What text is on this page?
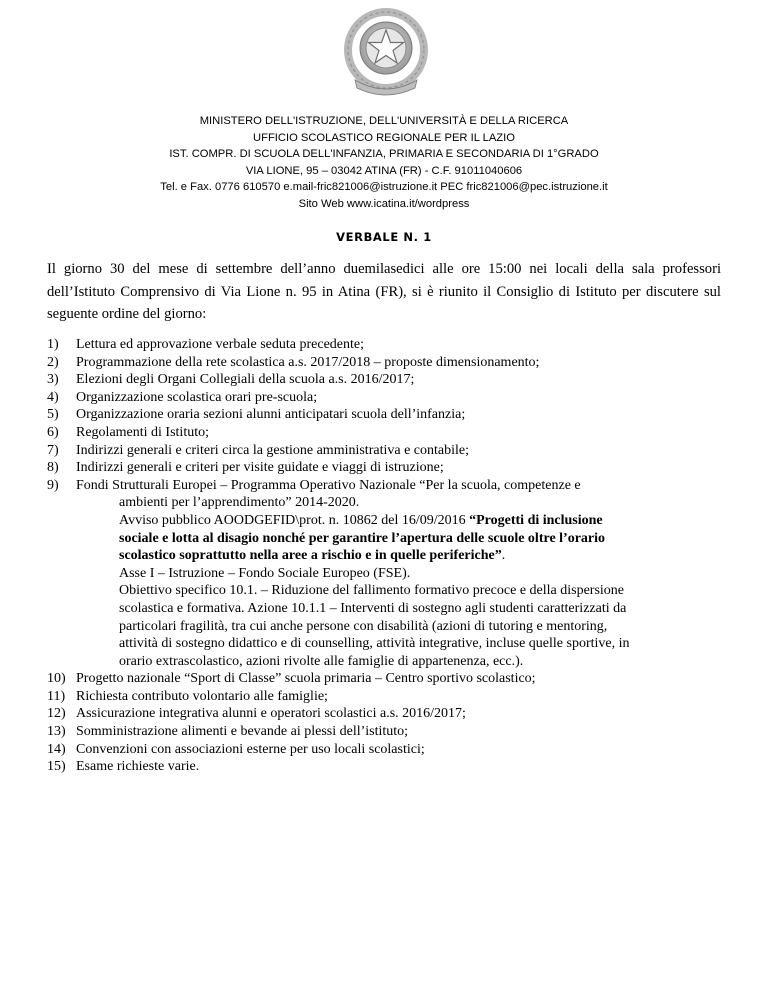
MINISTERO DELL'ISTRUZIONE, DELL'UNIVERSITÀ E DELLA RICERCA
UFFICIO SCOLASTICO REGIONALE PER IL LAZIO
IST. COMPR. DI SCUOLA DELL'INFANZIA, PRIMARIA E SECONDARIA DI 1°GRADO
VIA LIONE, 95 – 03042 ATINA (FR) - C.F. 91011040606
Tel. e Fax. 0776 610570 e.mail-fric821006@istruzione.it PEC fric821006@pec.istruzione.it
Sito Web www.icatina.it/wordpress
VERBALE N. 1
Il giorno 30 del mese di settembre dell’anno duemilasedici alle ore 15:00 nei locali della sala professori dell’Istituto Comprensivo di Via Lione n. 95 in Atina (FR), si è riunito il Consiglio di Istituto per discutere sul seguente ordine del giorno:
1)	Lettura ed approvazione verbale seduta precedente;
2)	Programmazione della rete scolastica a.s. 2017/2018 – proposte dimensionamento;
3)	Elezioni degli Organi Collegiali della scuola a.s. 2016/2017;
4)	Organizzazione scolastica orari pre-scuola;
5)	Organizzazione oraria sezioni alunni anticipatari scuola dell’infanzia;
6)	Regolamenti di Istituto;
7)	Indirizzi generali e criteri circa la gestione amministrativa e contabile;
8)	Indirizzi generali e criteri per visite guidate e viaggi di istruzione;
9)	Fondi Strutturali Europei – Programma Operativo Nazionale “Per la scuola, competenze e
ambienti per l’apprendimento” 2014-2020.
Avviso pubblico AOODGEFID\prot. n. 10862 del 16/09/2016 “Progetti di inclusione
sociale e lotta al disagio nonché per garantire l’apertura delle scuole oltre l’orario
scolastico soprattutto nella aree a rischio e in quelle periferiche”.
Asse I – Istruzione – Fondo Sociale Europeo (FSE).
Obiettivo specifico 10.1. – Riduzione del fallimento formativo precoce e della dispersione
scolastica e formativa. Azione 10.1.1 – Interventi di sostegno agli studenti caratterizzati da
particolari fragilità, tra cui anche persone con disabilità (azioni di tutoring e mentoring,
attività di sostegno didattico e di counselling, attività integrative, incluse quelle sportive, in
orario extrascolastico, azioni rivolte alle famiglie di appartenenza, ecc.).
10) Progetto nazionale “Sport di Classe” scuola primaria – Centro sportivo scolastico;
11) Richiesta contributo volontario alle famiglie;
12) Assicurazione integrativa alunni e operatori scolastici a.s. 2016/2017;
13) Somministrazione alimenti e bevande ai plessi dell’istituto;
14) Convenzioni con associazioni esterne per uso locali scolastici;
15) Esame richieste varie.
